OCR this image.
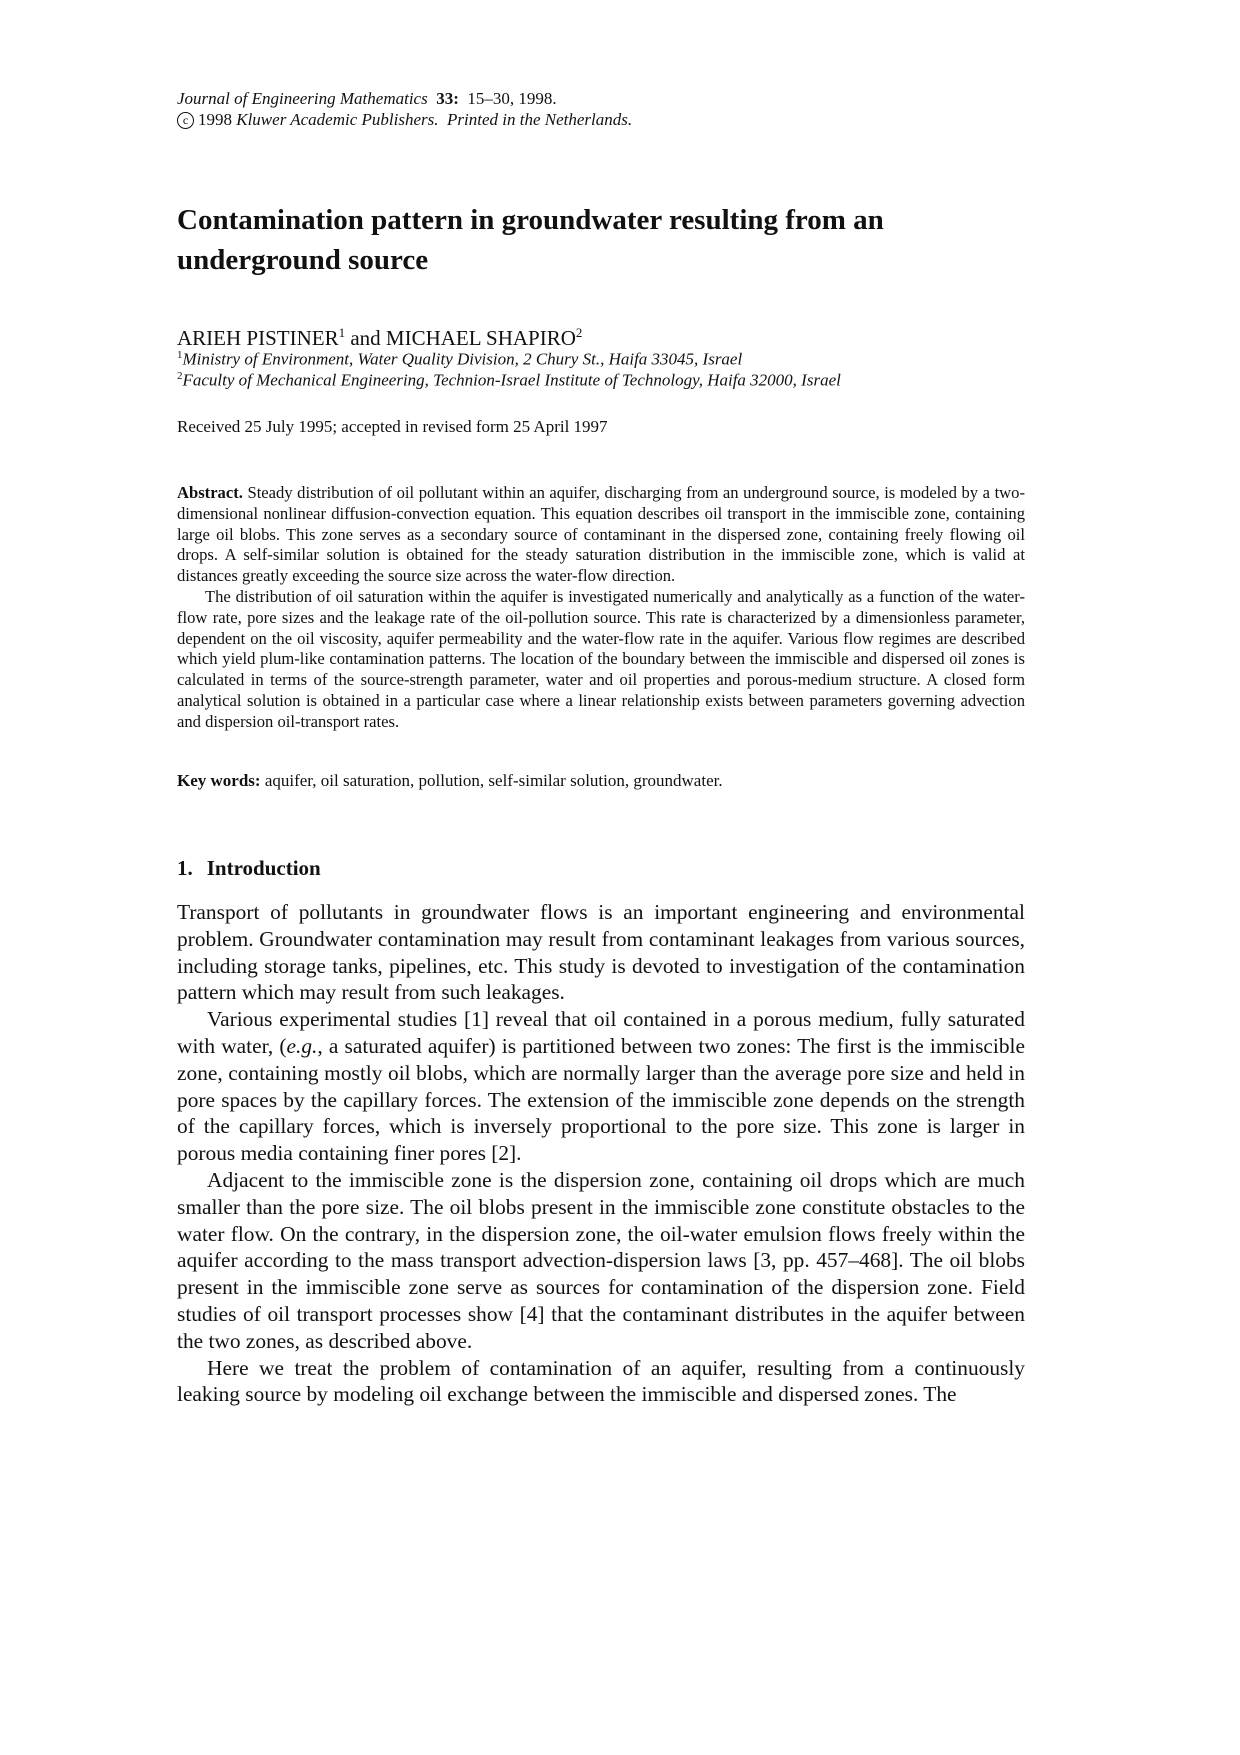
Journal of Engineering Mathematics 33: 15–30, 1998.
c 1998 Kluwer Academic Publishers. Printed in the Netherlands.
Contamination pattern in groundwater resulting from an underground source
ARIEH PISTINER$^1$ and MICHAEL SHAPIRO$^2$
$^1$Ministry of Environment, Water Quality Division, 2 Chury St., Haifa 33045, Israel
$^2$Faculty of Mechanical Engineering, Technion-Israel Institute of Technology, Haifa 32000, Israel
Received 25 July 1995; accepted in revised form 25 April 1997

Abstract. Steady distribution of oil pollutant within an aquifer, discharging from an underground source, is modeled by a two-dimensional nonlinear diffusion-convection equation. This equation describes oil transport in the immiscible zone, containing large oil blobs. This zone serves as a secondary source of contaminant in the dispersed zone, containing freely flowing oil drops. A self-similar solution is obtained for the steady saturation distribution in the immiscible zone, which is valid at distances greatly exceeding the source size across the water-flow direction.

The distribution of oil saturation within the aquifer is investigated numerically and analytically as a function of the water-flow rate, pore sizes and the leakage rate of the oil-pollution source. This rate is characterized by a dimensionless parameter, dependent on the oil viscosity, aquifer permeability and the water-flow rate in the aquifer. Various flow regimes are described which yield plum-like contamination patterns. The location of the boundary between the immiscible and dispersed oil zones is calculated in terms of the source-strength parameter, water and oil properties and porous-medium structure. A closed form analytical solution is obtained in a particular case where a linear relationship exists between parameters governing advection and dispersion oil-transport rates.

Key words: aquifer, oil saturation, pollution, self-similar solution, groundwater.
1. Introduction

Transport of pollutants in groundwater flows is an important engineering and environmental problem. Groundwater contamination may result from contaminant leakages from various sources, including storage tanks, pipelines, etc. This study is devoted to investigation of the contamination pattern which may result from such leakages.

Various experimental studies [1] reveal that oil contained in a porous medium, fully saturated with water, (e.g., a saturated aquifer) is partitioned between two zones: The first is the immiscible zone, containing mostly oil blobs, which are normally larger than the average pore size and held in pore spaces by the capillary forces. The extension of the immiscible zone depends on the strength of the capillary forces, which is inversely proportional to the pore size. This zone is larger in porous media containing finer pores [2].

Adjacent to the immiscible zone is the dispersion zone, containing oil drops which are much smaller than the pore size. The oil blobs present in the immiscible zone constitute obstacles to the water flow. On the contrary, in the dispersion zone, the oil-water emulsion flows freely within the aquifer according to the mass transport advection-dispersion laws [3, pp. 457–468]. The oil blobs present in the immiscible zone serve as sources for contamination of the dispersion zone. Field studies of oil transport processes show [4] that the contaminant distributes in the aquifer between the two zones, as described above.

Here we treat the problem of contamination of an aquifer, resulting from a continuously leaking source by modeling oil exchange between the immiscible and dispersed zones. The
